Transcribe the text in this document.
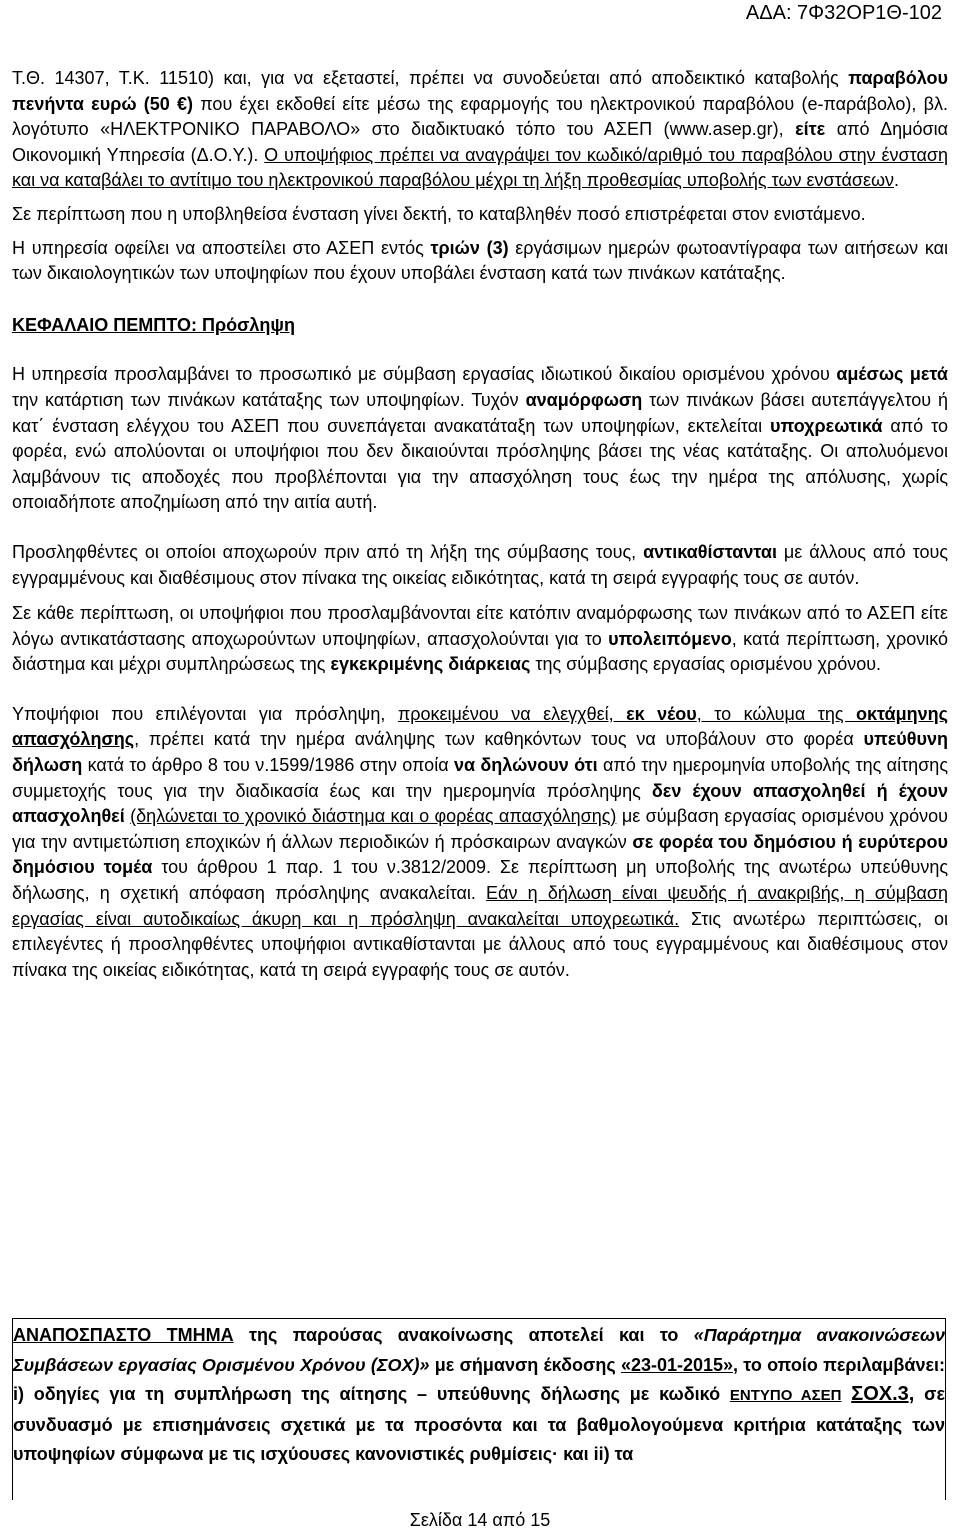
ΑΔΑ: 7Φ32ΟΡ1Θ-102

Τ.Θ. 14307, Τ.Κ. 11510) και, για να εξεταστεί, πρέπει να συνοδεύεται από αποδεικτικό καταβολής παραβόλου πενήντα ευρώ (50 €) που έχει εκδοθεί είτε μέσω της εφαρμογής του ηλεκτρονικού παραβόλου (e-παράβολο), βλ. λογότυπο «ΗΛΕΚΤΡΟΝΙΚΟ ΠΑΡΑΒΟΛΟ» στο διαδικτυακό τόπο του ΑΣΕΠ (www.asep.gr), είτε από Δημόσια Οικονομική Υπηρεσία (Δ.Ο.Υ.). Ο υποψήφιος πρέπει να αναγράψει τον κωδικό/αριθμό του παραβόλου στην ένσταση και να καταβάλει το αντίτιμο του ηλεκτρονικού παραβόλου μέχρι τη λήξη προθεσμίας υποβολής των ενστάσεων.

Σε περίπτωση που η υποβληθείσα ένσταση γίνει δεκτή, το καταβληθέν ποσό επιστρέφεται στον ενιστάμενο.

Η υπηρεσία οφείλει να αποστείλει στο ΑΣΕΠ εντός τριών (3) εργάσιμων ημερών φωτοαντίγραφα των αιτήσεων και των δικαιολογητικών των υποψηφίων που έχουν υποβάλει ένσταση κατά των πινάκων κατάταξης.

ΚΕΦΑΛΑΙΟ ΠΕΜΠΤΟ: Πρόσληψη

Η υπηρεσία προσλαμβάνει το προσωπικό με σύμβαση εργασίας ιδιωτικού δικαίου ορισμένου χρόνου αμέσως μετά την κατάρτιση των πινάκων κατάταξης των υποψηφίων. Τυχόν αναμόρφωση των πινάκων βάσει αυτεπάγγελτου ή κατ΄ ένσταση ελέγχου του ΑΣΕΠ που συνεπάγεται ανακατάταξη των υποψηφίων, εκτελείται υποχρεωτικά από το φορέα, ενώ απολύονται οι υποψήφιοι που δεν δικαιούνται πρόσληψης βάσει της νέας κατάταξης. Οι απολυόμενοι λαμβάνουν τις αποδοχές που προβλέπονται για την απασχόληση τους έως την ημέρα της απόλυσης, χωρίς οποιαδήποτε αποζημίωση από την αιτία αυτή.

Προσληφθέντες οι οποίοι αποχωρούν πριν από τη λήξη της σύμβασης τους, αντικαθίστανται με άλλους από τους εγγραμμένους και διαθέσιμους στον πίνακα της οικείας ειδικότητας, κατά τη σειρά εγγραφής τους σε αυτόν.

Σε κάθε περίπτωση, οι υποψήφιοι που προσλαμβάνονται είτε κατόπιν αναμόρφωσης των πινάκων από το ΑΣΕΠ είτε λόγω αντικατάστασης αποχωρούντων υποψηφίων, απασχολούνται για το υπολειπόμενο, κατά περίπτωση, χρονικό διάστημα και μέχρι συμπληρώσεως της εγκεκριμένης διάρκειας της σύμβασης εργασίας ορισμένου χρόνου.

Υποψήφιοι που επιλέγονται για πρόσληψη, προκειμένου να ελεγχθεί, εκ νέου, το κώλυμα της οκτάμηνης απασχόλησης, πρέπει κατά την ημέρα ανάληψης των καθηκόντων τους να υποβάλουν στο φορέα υπεύθυνη δήλωση κατά το άρθρο 8 του ν.1599/1986 στην οποία να δηλώνουν ότι από την ημερομηνία υποβολής της αίτησης συμμετοχής τους για την διαδικασία έως και την ημερομηνία πρόσληψης δεν έχουν απασχοληθεί ή έχουν απασχοληθεί (δηλώνεται το χρονικό διάστημα και ο φορέας απασχόλησης) με σύμβαση εργασίας ορισμένου χρόνου για την αντιμετώπιση εποχικών ή άλλων περιοδικών ή πρόσκαιρων αναγκών σε φορέα του δημόσιου ή ευρύτερου δημόσιου τομέα του άρθρου 1 παρ. 1 του ν.3812/2009. Σε περίπτωση μη υποβολής της ανωτέρω υπεύθυνης δήλωσης, η σχετική απόφαση πρόσληψης ανακαλείται. Εάν η δήλωση είναι ψευδής ή ανακριβής, η σύμβαση εργασίας είναι αυτοδικαίως άκυρη και η πρόσληψη ανακαλείται υποχρεωτικά. Στις ανωτέρω περιπτώσεις, οι επιλεγέντες ή προσληφθέντες υποψήφιοι αντικαθίστανται με άλλους από τους εγγραμμένους και διαθέσιμους στον πίνακα της οικείας ειδικότητας, κατά τη σειρά εγγραφής τους σε αυτόν.

ΑΝΑΠΟΣΠΑΣΤΟ ΤΜΗΜΑ της παρούσας ανακοίνωσης αποτελεί και το «Παράρτημα ανακοινώσεων Συμβάσεων εργασίας Ορισμένου Χρόνου (ΣΟΧ)» με σήμανση έκδοσης «23-01-2015», το οποίο περιλαμβάνει: i) οδηγίες για τη συμπλήρωση της αίτησης – υπεύθυνης δήλωσης με κωδικό ΕΝΤΥΠΟ ΑΣΕΠ ΣΟΧ.3, σε συνδυασμό με επισημάνσεις σχετικά με τα προσόντα και τα βαθμολογούμενα κριτήρια κατάταξης των υποψηφίων σύμφωνα με τις ισχύουσες κανονιστικές ρυθμίσεις· και ii) τα

Σελίδα 14 από 15
